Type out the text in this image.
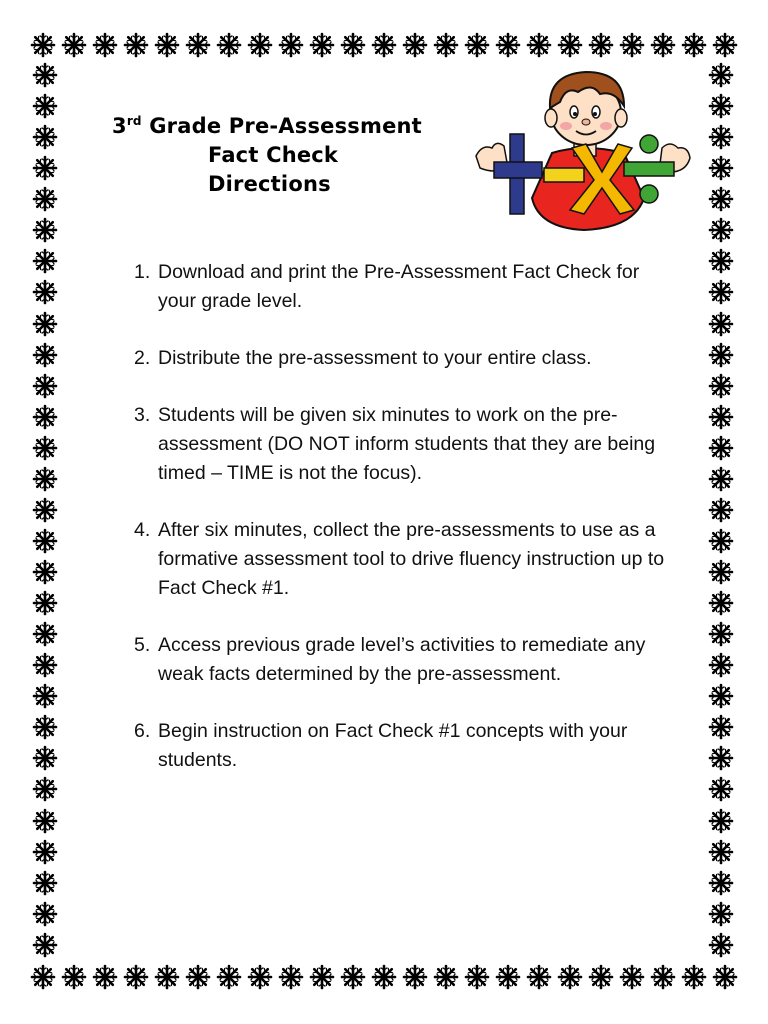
3rd Grade Pre-Assessment
Fact Check
Directions
1. Download and print the Pre-Assessment Fact Check for your grade level.
2. Distribute the pre-assessment to your entire class.
3. Students will be given six minutes to work on the pre-assessment (DO NOT inform students that they are being timed – TIME is not the focus).
4. After six minutes, collect the pre-assessments to use as a formative assessment tool to drive fluency instruction up to Fact Check #1.
5. Access previous grade level’s activities to remediate any weak facts determined by the pre-assessment.
6. Begin instruction on Fact Check #1 concepts with your students.
